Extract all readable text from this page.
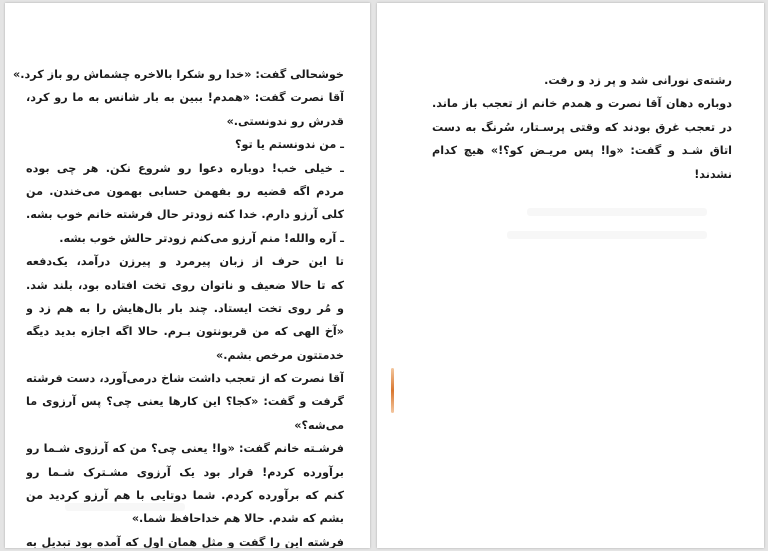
خوشحالی گفت: «خدا رو شکرا بالاخره چشماش رو باز کرد.»
آقا نصرت گفت: «همدم! ببین به بار شانس به ما رو کرد،
قدرش رو ندونستی.»
ـ من ندونستم یا تو؟
ـ خیلی خب! دوباره دعوا رو شروع نکن. هر چی بوده
مردم اگه قضیه رو بفهمن حسابی بهمون می‌خندن. من
کلی آرزو دارم. خدا کنه زودتر حال فرشته خانم خوب بشه.
ـ آره والله! منم آرزو می‌کنم زودتر حالش خوب بشه.
تا این حرف از زبان پیرمرد و پیرزن درآمد، یک‌دفعه
که تا حالا ضعیف و ناتوان روی تخت افتاده بود، بلند شد.
و مُر روی تخت ایستاد. چند بار بال‌هایش را به هم زد و
«آخ الهی که من قربونتون بـرم. حالا اگه اجازه بدید دیگه
خدمتتون مرخص بشم.»
آقا نصرت که از تعجب داشت شاخ درمی‌آورد، دست فرشته
گرفت و گفت: «کجا؟ این کارها یعنی چی؟ پس آرزوی ما
می‌شه؟»
فرشـته خانم گفت: «وا! یعنی چی؟ من که آرزوی شـما رو
برآورده کردم! قرار بود یک آرزوی مشـترک شـما رو
کنم که برآورده کردم. شما دوتایی با هم آرزو کردید من
بشم که شدم. حالا هم خداحافظ شما.»
فرشته این را گفت و مثل همان اول که آمده بود تبدیل به
رشته‌ی نورانی شد و پر زد و رفت.
دوباره دهان آقا نصرت و همدم خانم از تعجب باز ماند.
در تعجب غرق بودند که وقتی پرسـتار، سُرنگ به دست
اتاق شـد و گفت: «وا! پس مریـض کو؟!» هیچ کدام
نشدند!
